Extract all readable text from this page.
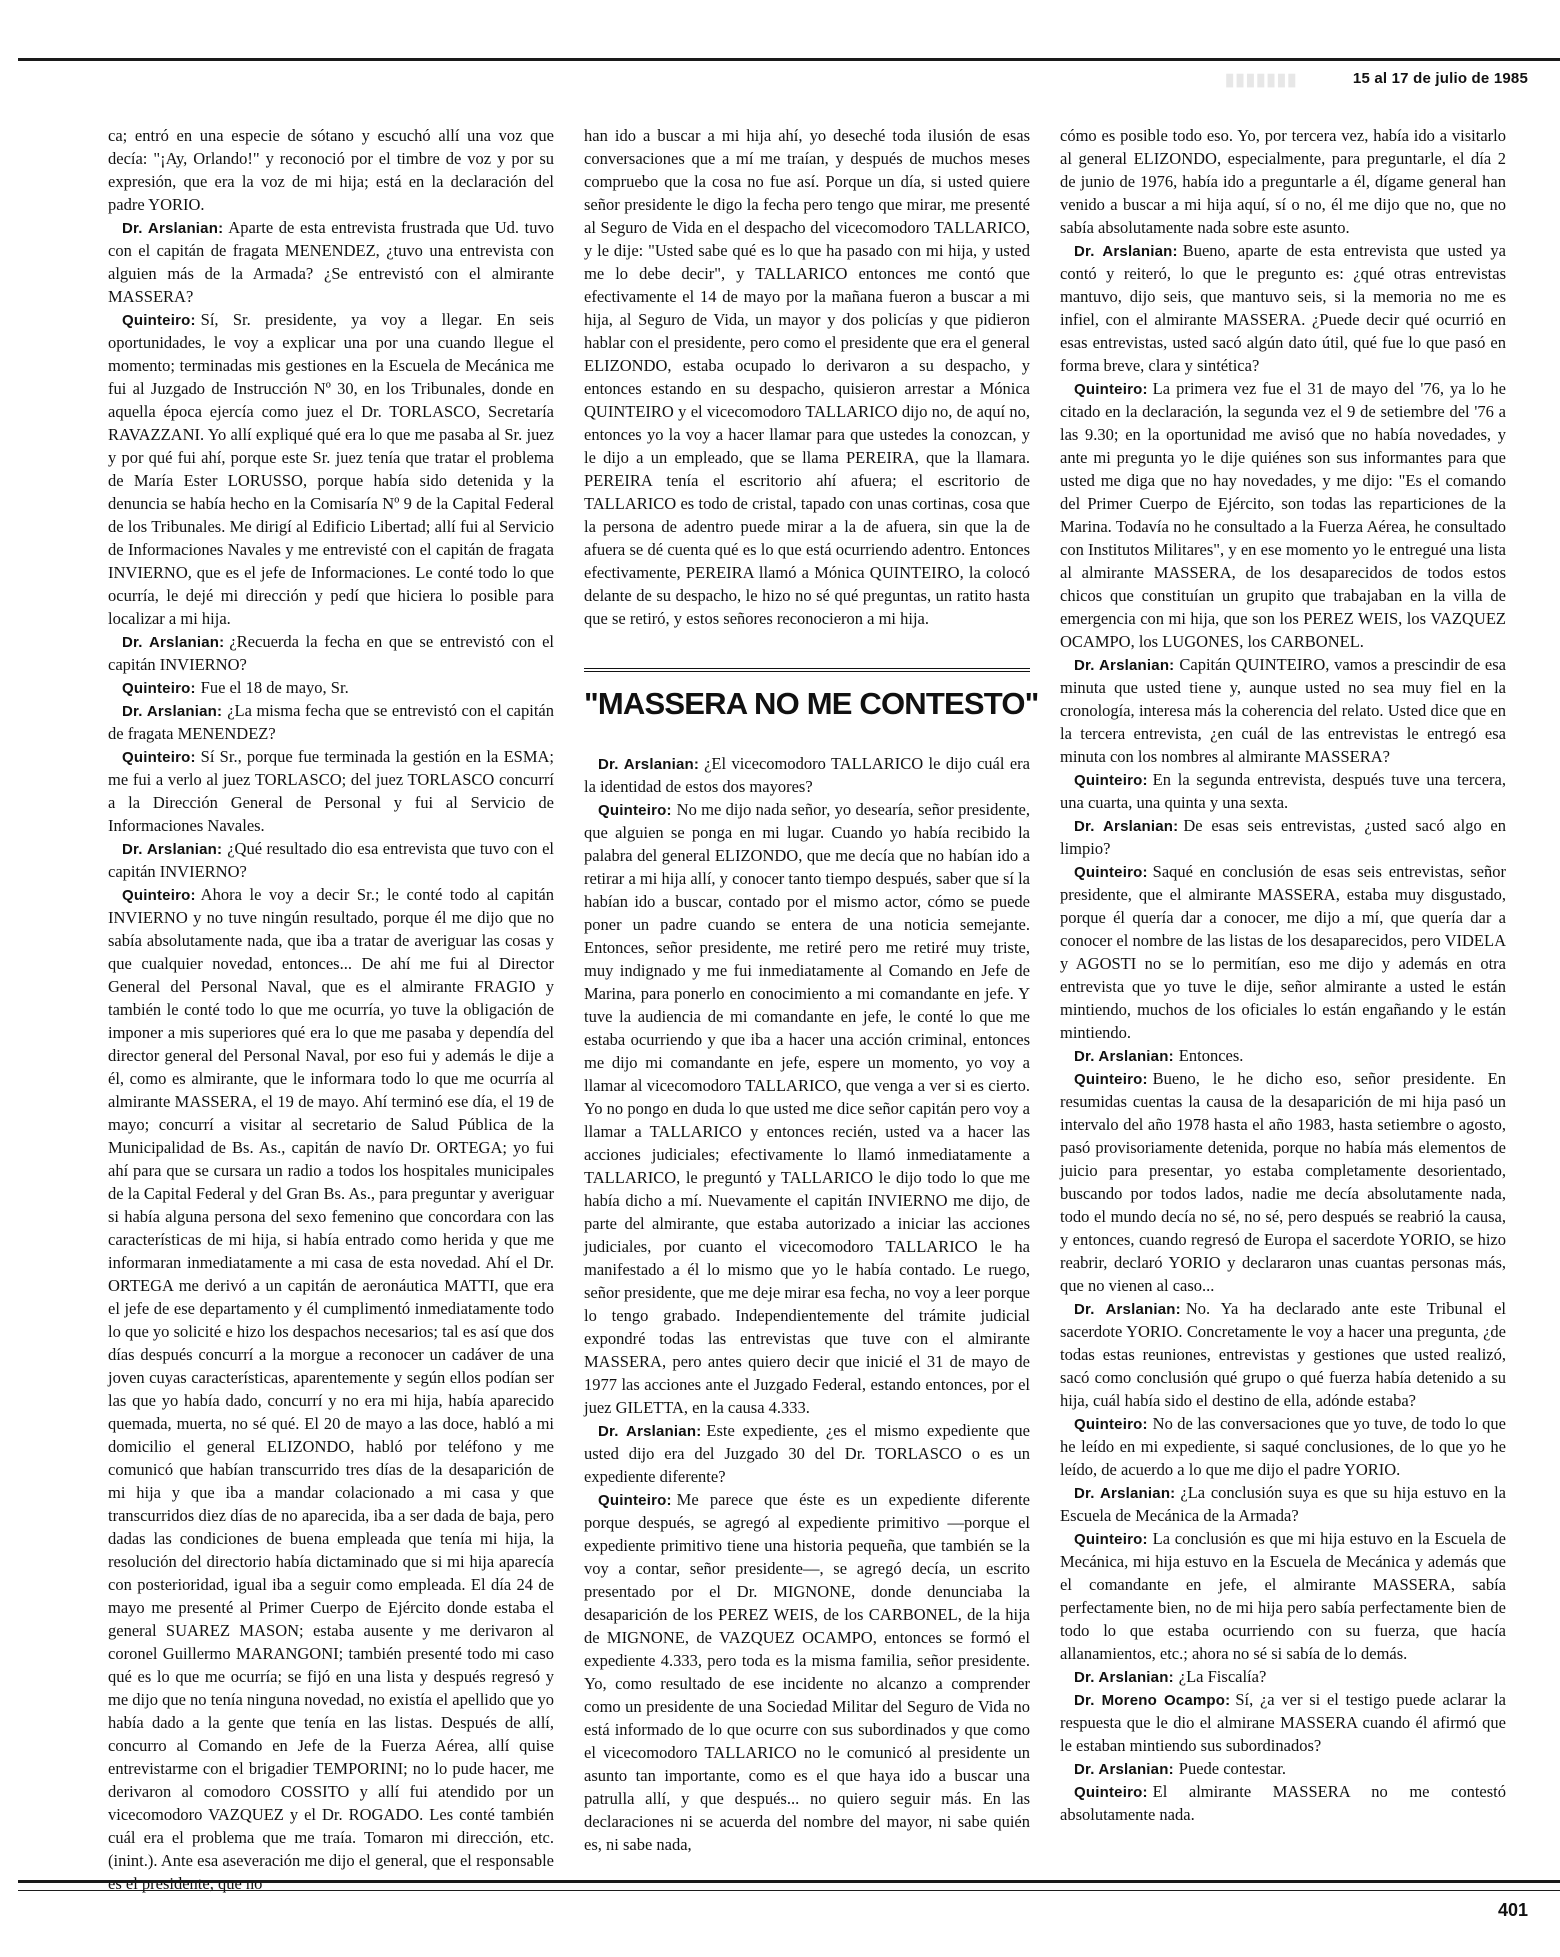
▮▮▮▮▮▮▮	15 al 17 de julio de 1985

ca; entró en una especie de sótano y escuchó allí una voz que decía: "¡Ay, Orlando!" y reconoció por el timbre de voz y por su expresión, que era la voz de mi hija; está en la declaración del padre YORIO.

Dr. Arslanian: Aparte de esta entrevista frustrada que Ud. tuvo con el capitán de fragata MENENDEZ, ¿tuvo una entrevista con alguien más de la Armada? ¿Se entrevistó con el almirante MASSERA?

Quinteiro: Sí, Sr. presidente, ya voy a llegar. En seis oportunidades, le voy a explicar una por una cuando llegue el momento; terminadas mis gestiones en la Escuela de Mecánica me fui al Juzgado de Instrucción Nº 30, en los Tribunales, donde en aquella época ejercía como juez el Dr. TORLASCO, Secretaría RAVAZZANI. Yo allí expliqué qué era lo que me pasaba al Sr. juez y por qué fui ahí, porque este Sr. juez tenía que tratar el problema de María Ester LORUSSO, porque había sido detenida y la denuncia se había hecho en la Comisaría Nº 9 de la Capital Federal de los Tribunales. Me dirigí al Edificio Libertad; allí fui al Servicio de Informaciones Navales y me entrevisté con el capitán de fragata INVIERNO, que es el jefe de Informaciones. Le conté todo lo que ocurría, le dejé mi dirección y pedí que hiciera lo posible para localizar a mi hija.

Dr. Arslanian: ¿Recuerda la fecha en que se entrevistó con el capitán INVIERNO?

Quinteiro: Fue el 18 de mayo, Sr.

Dr. Arslanian: ¿La misma fecha que se entrevistó con el capitán de fragata MENENDEZ?

Quinteiro: Sí Sr., porque fue terminada la gestión en la ESMA; me fui a verlo al juez TORLASCO; del juez TORLASCO concurrí a la Dirección General de Personal y fui al Servicio de Informaciones Navales.

Dr. Arslanian: ¿Qué resultado dio esa entrevista que tuvo con el capitán INVIERNO?

Quinteiro: Ahora le voy a decir Sr.; le conté todo al capitán INVIERNO y no tuve ningún resultado, porque él me dijo que no sabía absolutamente nada, que iba a tratar de averiguar las cosas y que cualquier novedad, entonces... De ahí me fui al Director General del Personal Naval, que es el almirante FRAGIO y también le conté todo lo que me ocurría, yo tuve la obligación de imponer a mis superiores qué era lo que me pasaba y dependía del director general del Personal Naval, por eso fui y además le dije a él, como es almirante, que le informara todo lo que me ocurría al almirante MASSERA, el 19 de mayo. Ahí terminó ese día, el 19 de mayo; concurrí a visitar al secretario de Salud Pública de la Municipalidad de Bs. As., capitán de navío Dr. ORTEGA; yo fui ahí para que se cursara un radio a todos los hospitales municipales de la Capital Federal y del Gran Bs. As., para preguntar y averiguar si había alguna persona del sexo femenino que concordara con las características de mi hija, si había entrado como herida y que me informaran inmediatamente a mi casa de esta novedad. Ahí el Dr. ORTEGA me derivó a un capitán de aeronáutica MATTI, que era el jefe de ese departamento y él cumplimentó inmediatamente todo lo que yo solicité e hizo los despachos necesarios; tal es así que dos días después concurrí a la morgue a reconocer un cadáver de una joven cuyas características, aparentemente y según ellos podían ser las que yo había dado, concurrí y no era mi hija, había aparecido quemada, muerta, no sé qué. El 20 de mayo a las doce, habló a mi domicilio el general ELIZONDO, habló por teléfono y me comunicó que habían transcurrido tres días de la desaparición de mi hija y que iba a mandar colacionado a mi casa y que transcurridos diez días de no aparecida, iba a ser dada de baja, pero dadas las condiciones de buena empleada que tenía mi hija, la resolución del directorio había dictaminado que si mi hija aparecía con posterioridad, igual iba a seguir como empleada. El día 24 de mayo me presenté al Primer Cuerpo de Ejército donde estaba el general SUAREZ MASON; estaba ausente y me derivaron al coronel Guillermo MARANGONI; también presenté todo mi caso qué es lo que me ocurría; se fijó en una lista y después regresó y me dijo que no tenía ninguna novedad, no existía el apellido que yo había dado a la gente que tenía en las listas. Después de allí, concurro al Comando en Jefe de la Fuerza Aérea, allí quise entrevistarme con el brigadier TEMPORINI; no lo pude hacer, me derivaron al comodoro COSSITO y allí fui atendido por un vicecomodoro VAZQUEZ y el Dr. ROGADO. Les conté también cuál era el problema que me traía. Tomaron mi dirección, etc. (inint.). Ante esa aseveración me dijo el general, que el responsable es el presidente, que no

han ido a buscar a mi hija ahí, yo deseché toda ilusión de esas conversaciones que a mí me traían, y después de muchos meses compruebo que la cosa no fue así. Porque un día, si usted quiere señor presidente le digo la fecha pero tengo que mirar, me presenté al Seguro de Vida en el despacho del vicecomodoro TALLARICO, y le dije: "Usted sabe qué es lo que ha pasado con mi hija, y usted me lo debe decir", y TALLARICO entonces me contó que efectivamente el 14 de mayo por la mañana fueron a buscar a mi hija, al Seguro de Vida, un mayor y dos policías y que pidieron hablar con el presidente, pero como el presidente que era el general ELIZONDO, estaba ocupado lo derivaron a su despacho, y entonces estando en su despacho, quisieron arrestar a Mónica QUINTEIRO y el vicecomodoro TALLARICO dijo no, de aquí no, entonces yo la voy a hacer llamar para que ustedes la conozcan, y le dijo a un empleado, que se llama PEREIRA, que la llamara. PEREIRA tenía el escritorio ahí afuera; el escritorio de TALLARICO es todo de cristal, tapado con unas cortinas, cosa que la persona de adentro puede mirar a la de afuera, sin que la de afuera se dé cuenta qué es lo que está ocurriendo adentro. Entonces efectivamente, PEREIRA llamó a Mónica QUINTEIRO, la colocó delante de su despacho, le hizo no sé qué preguntas, un ratito hasta que se retiró, y estos señores reconocieron a mi hija.

"MASSERA NO ME CONTESTO"

Dr. Arslanian: ¿El vicecomodoro TALLARICO le dijo cuál era la identidad de estos dos mayores?

Quinteiro: No me dijo nada señor, yo desearía, señor presidente, que alguien se ponga en mi lugar. Cuando yo había recibido la palabra del general ELIZONDO, que me decía que no habían ido a retirar a mi hija allí, y conocer tanto tiempo después, saber que sí la habían ido a buscar, contado por el mismo actor, cómo se puede poner un padre cuando se entera de una noticia semejante. Entonces, señor presidente, me retiré pero me retiré muy triste, muy indignado y me fui inmediatamente al Comando en Jefe de Marina, para ponerlo en conocimiento a mi comandante en jefe. Y tuve la audiencia de mi comandante en jefe, le conté lo que me estaba ocurriendo y que iba a hacer una acción criminal, entonces me dijo mi comandante en jefe, espere un momento, yo voy a llamar al vicecomodoro TALLARICO, que venga a ver si es cierto. Yo no pongo en duda lo que usted me dice señor capitán pero voy a llamar a TALLARICO y entonces recién, usted va a hacer las acciones judiciales; efectivamente lo llamó inmediatamente a TALLARICO, le preguntó y TALLARICO le dijo todo lo que me había dicho a mí. Nuevamente el capitán INVIERNO me dijo, de parte del almirante, que estaba autorizado a iniciar las acciones judiciales, por cuanto el vicecomodoro TALLARICO le ha manifestado a él lo mismo que yo le había contado. Le ruego, señor presidente, que me deje mirar esa fecha, no voy a leer porque lo tengo grabado. Independientemente del trámite judicial expondré todas las entrevistas que tuve con el almirante MASSERA, pero antes quiero decir que inicié el 31 de mayo de 1977 las acciones ante el Juzgado Federal, estando entonces, por el juez GILETTA, en la causa 4.333.

Dr. Arslanian: Este expediente, ¿es el mismo expediente que usted dijo era del Juzgado 30 del Dr. TORLASCO o es un expediente diferente?

Quinteiro: Me parece que éste es un expediente diferente porque después, se agregó al expediente primitivo —porque el expediente primitivo tiene una historia pequeña, que también se la voy a contar, señor presidente—, se agregó decía, un escrito presentado por el Dr. MIGNONE, donde denunciaba la desaparición de los PEREZ WEIS, de los CARBONEL, de la hija de MIGNONE, de VAZQUEZ OCAMPO, entonces se formó el expediente 4.333, pero toda es la misma familia, señor presidente. Yo, como resultado de ese incidente no alcanzo a comprender como un presidente de una Sociedad Militar del Seguro de Vida no está informado de lo que ocurre con sus subordinados y que como el vicecomodoro TALLARICO no le comunicó al presidente un asunto tan importante, como es el que haya ido a buscar una patrulla allí, y que después... no quiero seguir más. En las declaraciones ni se acuerda del nombre del mayor, ni sabe quién es, ni sabe nada,

cómo es posible todo eso. Yo, por tercera vez, había ido a visitarlo al general ELIZONDO, especialmente, para preguntarle, el día 2 de junio de 1976, había ido a preguntarle a él, dígame general han venido a buscar a mi hija aquí, sí o no, él me dijo que no, que no sabía absolutamente nada sobre este asunto.

Dr. Arslanian: Bueno, aparte de esta entrevista que usted ya contó y reiteró, lo que le pregunto es: ¿qué otras entrevistas mantuvo, dijo seis, que mantuvo seis, si la memoria no me es infiel, con el almirante MASSERA. ¿Puede decir qué ocurrió en esas entrevistas, usted sacó algún dato útil, qué fue lo que pasó en forma breve, clara y sintética?

Quinteiro: La primera vez fue el 31 de mayo del '76, ya lo he citado en la declaración, la segunda vez el 9 de setiembre del '76 a las 9.30; en la oportunidad me avisó que no había novedades, y ante mi pregunta yo le dije quiénes son sus informantes para que usted me diga que no hay novedades, y me dijo: "Es el comando del Primer Cuerpo de Ejército, son todas las reparticiones de la Marina. Todavía no he consultado a la Fuerza Aérea, he consultado con Institutos Militares", y en ese momento yo le entregué una lista al almirante MASSERA, de los desaparecidos de todos estos chicos que constituían un grupito que trabajaban en la villa de emergencia con mi hija, que son los PEREZ WEIS, los VAZQUEZ OCAMPO, los LUGONES, los CARBONEL.

Dr. Arslanian: Capitán QUINTEIRO, vamos a prescindir de esa minuta que usted tiene y, aunque usted no sea muy fiel en la cronología, interesa más la coherencia del relato. Usted dice que en la tercera entrevista, ¿en cuál de las entrevistas le entregó esa minuta con los nombres al almirante MASSERA?

Quinteiro: En la segunda entrevista, después tuve una tercera, una cuarta, una quinta y una sexta.

Dr. Arslanian: De esas seis entrevistas, ¿usted sacó algo en limpio?

Quinteiro: Saqué en conclusión de esas seis entrevistas, señor presidente, que el almirante MASSERA, estaba muy disgustado, porque él quería dar a conocer, me dijo a mí, que quería dar a conocer el nombre de las listas de los desaparecidos, pero VIDELA y AGOSTI no se lo permitían, eso me dijo y además en otra entrevista que yo tuve le dije, señor almirante a usted le están mintiendo, muchos de los oficiales lo están engañando y le están mintiendo.

Dr. Arslanian: Entonces.

Quinteiro: Bueno, le he dicho eso, señor presidente. En resumidas cuentas la causa de la desaparición de mi hija pasó un intervalo del año 1978 hasta el año 1983, hasta setiembre o agosto, pasó provisoriamente detenida, porque no había más elementos de juicio para presentar, yo estaba completamente desorientado, buscando por todos lados, nadie me decía absolutamente nada, todo el mundo decía no sé, no sé, pero después se reabrió la causa, y entonces, cuando regresó de Europa el sacerdote YORIO, se hizo reabrir, declaró YORIO y declararon unas cuantas personas más, que no vienen al caso...

Dr. Arslanian: No. Ya ha declarado ante este Tribunal el sacerdote YORIO. Concretamente le voy a hacer una pregunta, ¿de todas estas reuniones, entrevistas y gestiones que usted realizó, sacó como conclusión qué grupo o qué fuerza había detenido a su hija, cuál había sido el destino de ella, adónde estaba?

Quinteiro: No de las conversaciones que yo tuve, de todo lo que he leído en mi expediente, si saqué conclusiones, de lo que yo he leído, de acuerdo a lo que me dijo el padre YORIO.

Dr. Arslanian: ¿La conclusión suya es que su hija estuvo en la Escuela de Mecánica de la Armada?

Quinteiro: La conclusión es que mi hija estuvo en la Escuela de Mecánica, mi hija estuvo en la Escuela de Mecánica y además que el comandante en jefe, el almirante MASSERA, sabía perfectamente bien, no de mi hija pero sabía perfectamente bien de todo lo que estaba ocurriendo con su fuerza, que hacía allanamientos, etc.; ahora no sé si sabía de lo demás.

Dr. Arslanian: ¿La Fiscalía?

Dr. Moreno Ocampo: Sí, ¿a ver si el testigo puede aclarar la respuesta que le dio el almirane MASSERA cuando él afirmó que le estaban mintiendo sus subordinados?

Dr. Arslanian: Puede contestar.

Quinteiro: El almirante MASSERA no me contestó absolutamente nada.

401
